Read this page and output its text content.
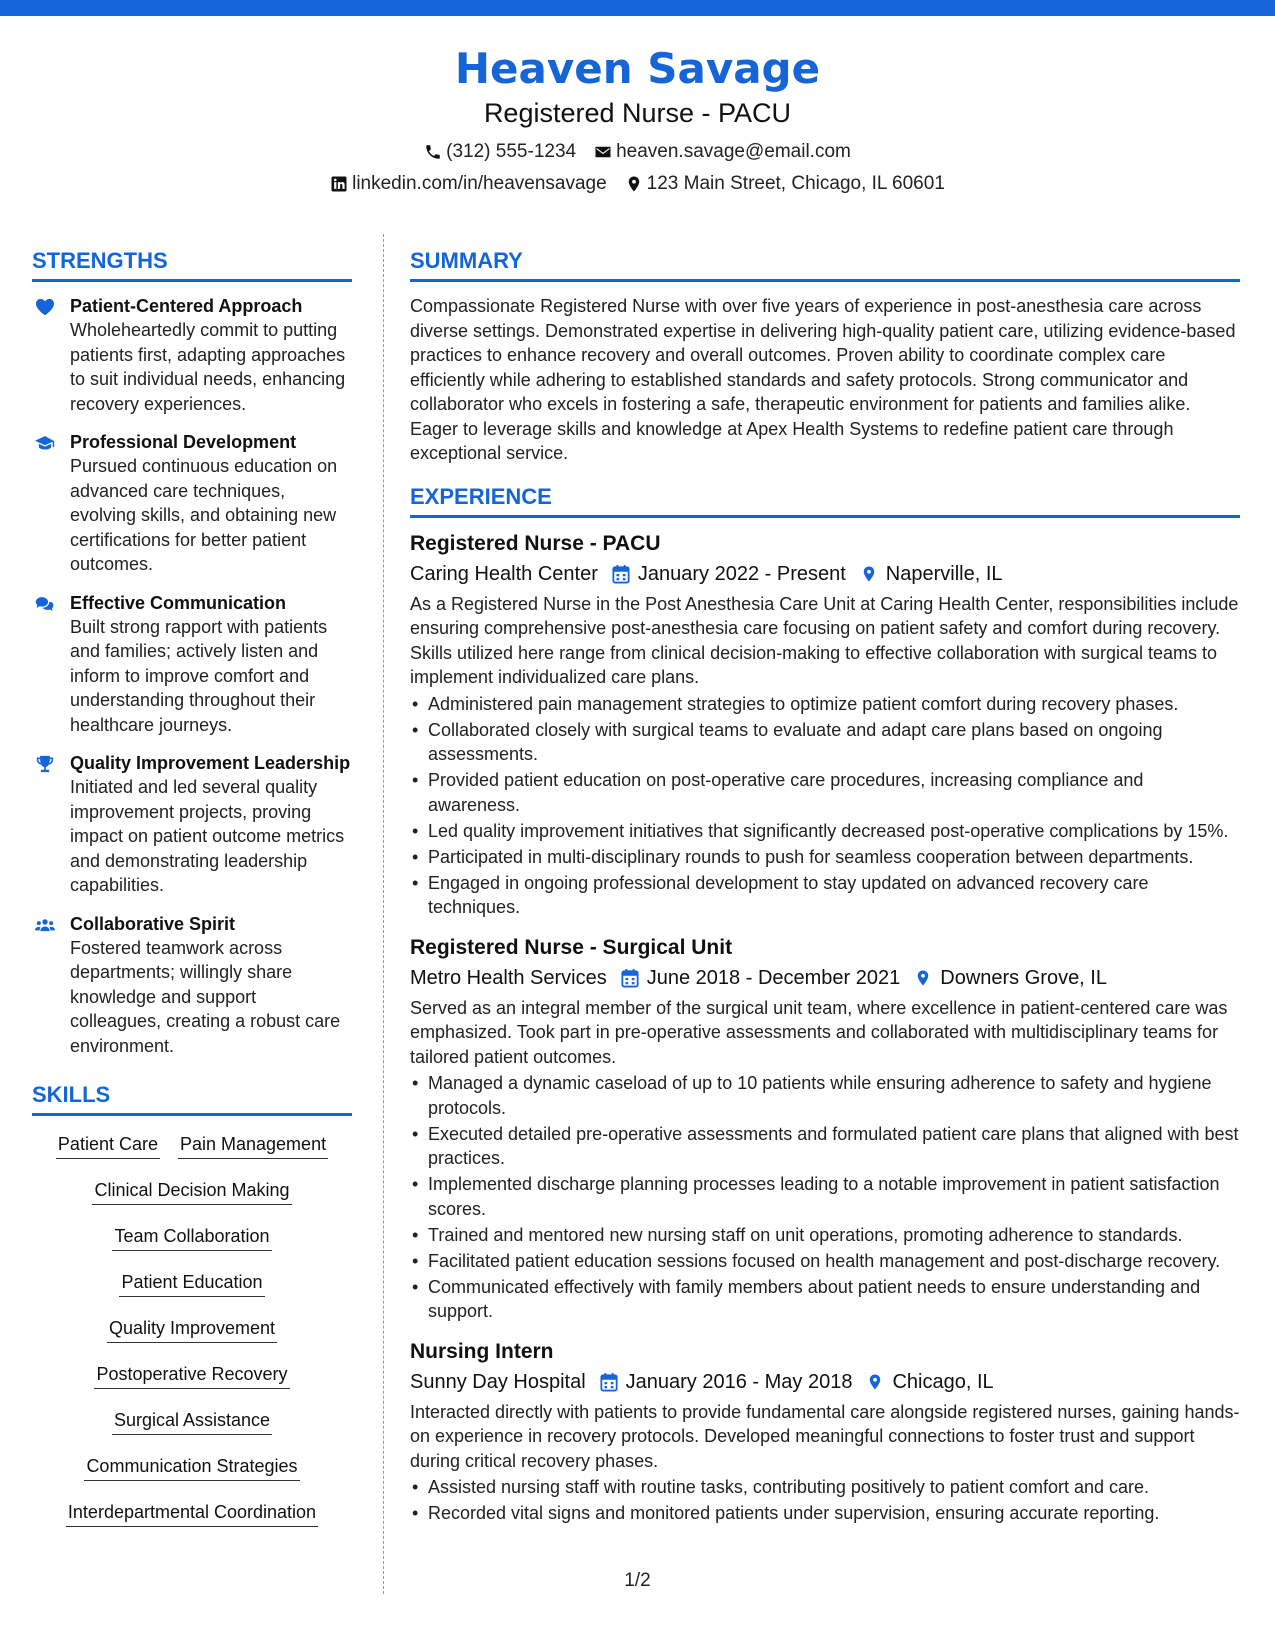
Heaven Savage
Registered Nurse - PACU
(312) 555-1234 heaven.savage@email.com
linkedin.com/in/heavensavage 123 Main Street, Chicago, IL 60601
STRENGTHS
Patient-Centered Approach
Wholeheartedly commit to putting patients first, adapting approaches to suit individual needs, enhancing recovery experiences.
Professional Development
Pursued continuous education on advanced care techniques, evolving skills, and obtaining new certifications for better patient outcomes.
Effective Communication
Built strong rapport with patients and families; actively listen and inform to improve comfort and understanding throughout their healthcare journeys.
Quality Improvement Leadership
Initiated and led several quality improvement projects, proving impact on patient outcome metrics and demonstrating leadership capabilities.
Collaborative Spirit
Fostered teamwork across departments; willingly share knowledge and support colleagues, creating a robust care environment.
SKILLS
Patient Care Pain Management
Clinical Decision Making
Team Collaboration
Patient Education
Quality Improvement
Postoperative Recovery
Surgical Assistance
Communication Strategies
Interdepartmental Coordination
SUMMARY
Compassionate Registered Nurse with over five years of experience in post-anesthesia care across diverse settings. Demonstrated expertise in delivering high-quality patient care, utilizing evidence-based practices to enhance recovery and overall outcomes. Proven ability to coordinate complex care efficiently while adhering to established standards and safety protocols. Strong communicator and collaborator who excels in fostering a safe, therapeutic environment for patients and families alike. Eager to leverage skills and knowledge at Apex Health Systems to redefine patient care through exceptional service.
EXPERIENCE
Registered Nurse - PACU
Caring Health Center January 2022 - Present Naperville, IL
As a Registered Nurse in the Post Anesthesia Care Unit at Caring Health Center, responsibilities include ensuring comprehensive post-anesthesia care focusing on patient safety and comfort during recovery. Skills utilized here range from clinical decision-making to effective collaboration with surgical teams to implement individualized care plans.
• Administered pain management strategies to optimize patient comfort during recovery phases.
• Collaborated closely with surgical teams to evaluate and adapt care plans based on ongoing assessments.
• Provided patient education on post-operative care procedures, increasing compliance and awareness.
• Led quality improvement initiatives that significantly decreased post-operative complications by 15%.
• Participated in multi-disciplinary rounds to push for seamless cooperation between departments.
• Engaged in ongoing professional development to stay updated on advanced recovery care techniques.
Registered Nurse - Surgical Unit
Metro Health Services June 2018 - December 2021 Downers Grove, IL
Served as an integral member of the surgical unit team, where excellence in patient-centered care was emphasized. Took part in pre-operative assessments and collaborated with multidisciplinary teams for tailored patient outcomes.
• Managed a dynamic caseload of up to 10 patients while ensuring adherence to safety and hygiene protocols.
• Executed detailed pre-operative assessments and formulated patient care plans that aligned with best practices.
• Implemented discharge planning processes leading to a notable improvement in patient satisfaction scores.
• Trained and mentored new nursing staff on unit operations, promoting adherence to standards.
• Facilitated patient education sessions focused on health management and post-discharge recovery.
• Communicated effectively with family members about patient needs to ensure understanding and support.
Nursing Intern
Sunny Day Hospital January 2016 - May 2018 Chicago, IL
Interacted directly with patients to provide fundamental care alongside registered nurses, gaining hands-on experience in recovery protocols. Developed meaningful connections to foster trust and support during critical recovery phases.
• Assisted nursing staff with routine tasks, contributing positively to patient comfort and care.
• Recorded vital signs and monitored patients under supervision, ensuring accurate reporting.
1/2
